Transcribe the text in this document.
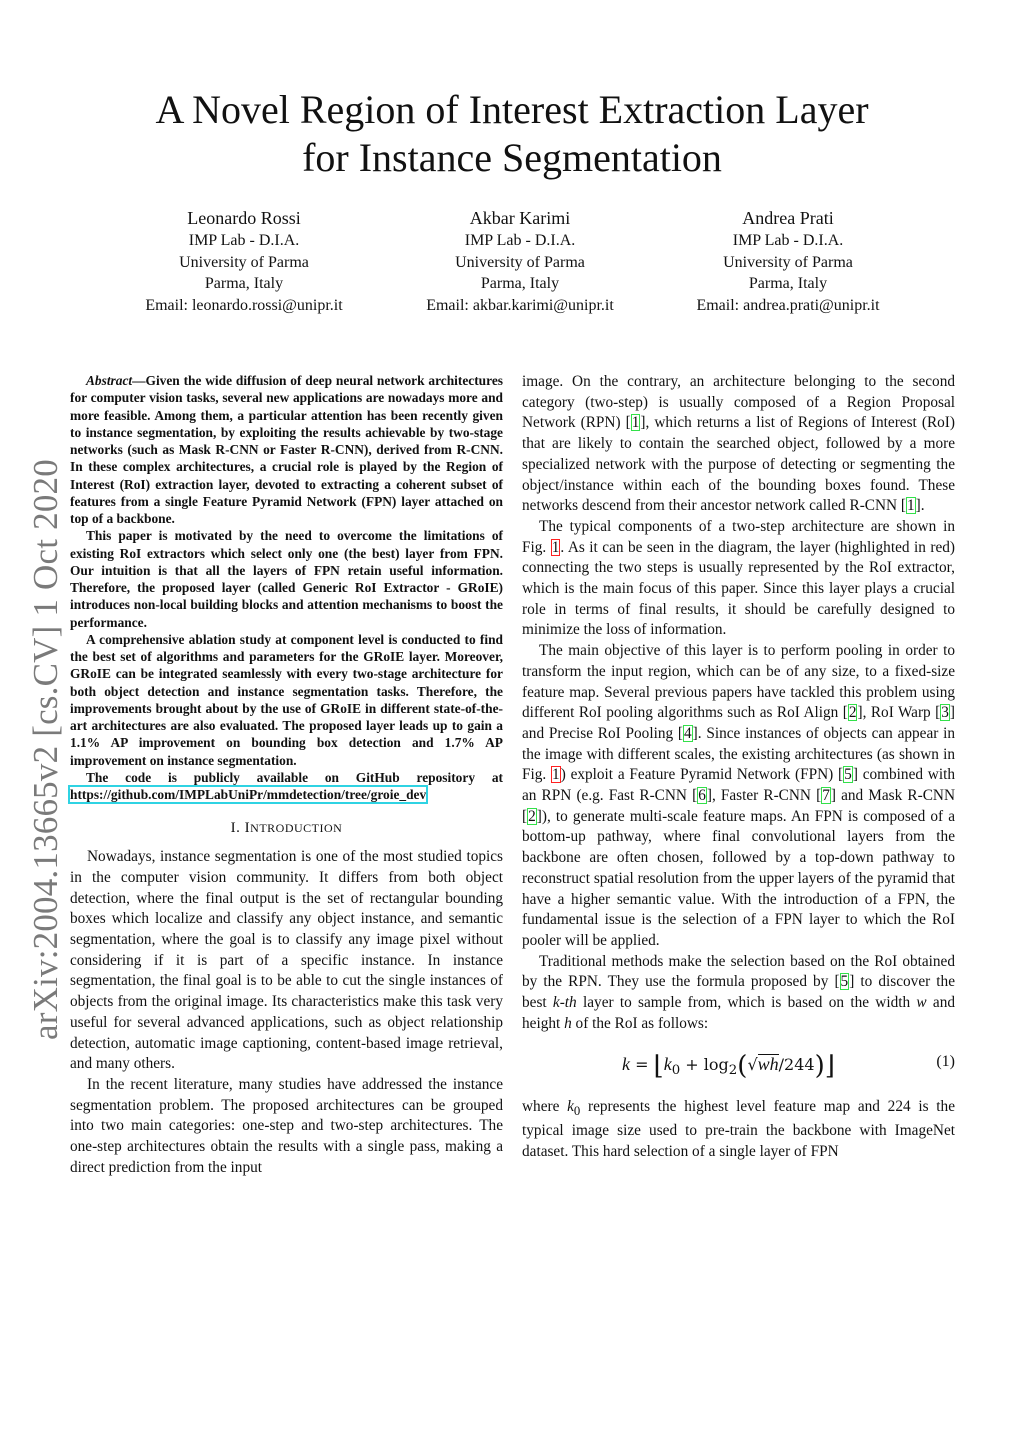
arXiv:2004.13665v2 [cs.CV] 1 Oct 2020
A Novel Region of Interest Extraction Layer
for Instance Segmentation
Leonardo Rossi
IMP Lab - D.I.A.
University of Parma
Parma, Italy
Email: leonardo.rossi@unipr.it
Akbar Karimi
IMP Lab - D.I.A.
University of Parma
Parma, Italy
Email: akbar.karimi@unipr.it
Andrea Prati
IMP Lab - D.I.A.
University of Parma
Parma, Italy
Email: andrea.prati@unipr.it

Abstract—Given the wide diffusion of deep neural network architectures for computer vision tasks, several new applications are nowadays more and more feasible. Among them, a particular attention has been recently given to instance segmentation, by exploiting the results achievable by two-stage networks (such as Mask R-CNN or Faster R-CNN), derived from R-CNN. In these complex architectures, a crucial role is played by the Region of Interest (RoI) extraction layer, devoted to extracting a coherent subset of features from a single Feature Pyramid Network (FPN) layer attached on top of a backbone.

This paper is motivated by the need to overcome the limitations of existing RoI extractors which select only one (the best) layer from FPN. Our intuition is that all the layers of FPN retain useful information. Therefore, the proposed layer (called Generic RoI Extractor - GRoIE) introduces non-local building blocks and attention mechanisms to boost the performance.

A comprehensive ablation study at component level is conducted to find the best set of algorithms and parameters for the GRoIE layer. Moreover, GRoIE can be integrated seamlessly with every two-stage architecture for both object detection and instance segmentation tasks. Therefore, the improvements brought about by the use of GRoIE in different state-of-the-art architectures are also evaluated. The proposed layer leads up to gain a 1.1% AP improvement on bounding box detection and 1.7% AP improvement on instance segmentation.

The code is publicly available on GitHub repository at https://github.com/IMPLabUniPr/mmdetection/tree/groie_dev

I. INTRODUCTION

Nowadays, instance segmentation is one of the most studied topics in the computer vision community. It differs from both object detection, where the final output is the set of rectangular bounding boxes which localize and classify any object instance, and semantic segmentation, where the goal is to classify any image pixel without considering if it is part of a specific instance. In instance segmentation, the final goal is to be able to cut the single instances of objects from the original image. Its characteristics make this task very useful for several advanced applications, such as object relationship detection, automatic image captioning, content-based image retrieval, and many others.

In the recent literature, many studies have addressed the instance segmentation problem. The proposed architectures can be grouped into two main categories: one-step and two-step architectures. The one-step architectures obtain the results with a single pass, making a direct prediction from the input

image. On the contrary, an architecture belonging to the second category (two-step) is usually composed of a Region Proposal Network (RPN) [1], which returns a list of Regions of Interest (RoI) that are likely to contain the searched object, followed by a more specialized network with the purpose of detecting or segmenting the object/instance within each of the bounding boxes found. These networks descend from their ancestor network called R-CNN [1].

The typical components of a two-step architecture are shown in Fig. 1. As it can be seen in the diagram, the layer (highlighted in red) connecting the two steps is usually represented by the RoI extractor, which is the main focus of this paper. Since this layer plays a crucial role in terms of final results, it should be carefully designed to minimize the loss of information.

The main objective of this layer is to perform pooling in order to transform the input region, which can be of any size, to a fixed-size feature map. Several previous papers have tackled this problem using different RoI pooling algorithms such as RoI Align [2], RoI Warp [3] and Precise RoI Pooling [4]. Since instances of objects can appear in the image with different scales, the existing architectures (as shown in Fig. 1) exploit a Feature Pyramid Network (FPN) [5] combined with an RPN (e.g. Fast R-CNN [6], Faster R-CNN [7] and Mask R-CNN [2]), to generate multi-scale feature maps. An FPN is composed of a bottom-up pathway, where final convolutional layers from the backbone are often chosen, followed by a top-down pathway to reconstruct spatial resolution from the upper layers of the pyramid that have a higher semantic value. With the introduction of a FPN, the fundamental issue is the selection of a FPN layer to which the RoI pooler will be applied.

Traditional methods make the selection based on the RoI obtained by the RPN. They use the formula proposed by [5] to discover the best k-th layer to sample from, which is based on the width w and height h of the RoI as follows:

$k = ⌊k_0$ + $\log_2(√wh/244)⌋$	(1)

where $k_0$ represents the highest level feature map and 224 is the typical image size used to pre-train the backbone with ImageNet dataset. This hard selection of a single layer of FPN
